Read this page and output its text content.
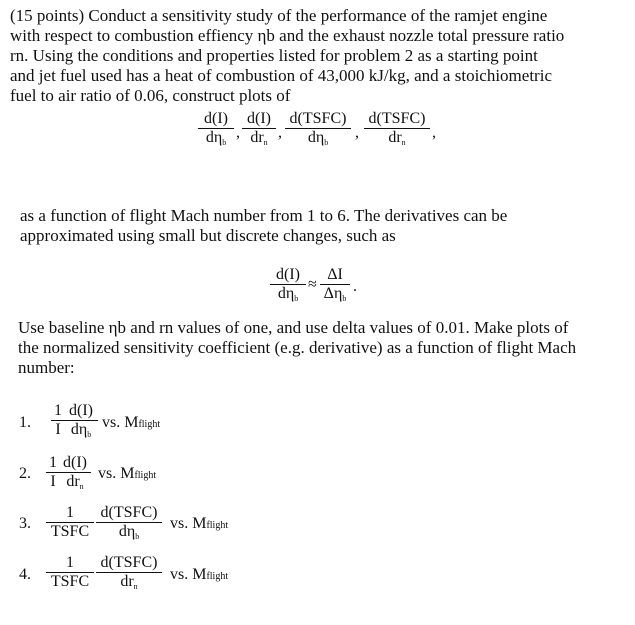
(15 points) Conduct a sensitivity study of the performance of the ramjet engine
with respect to combustion effiency ηb and the exhaust nozzle total pressure ratio
rn. Using the conditions and properties listed for problem 2 as a starting point
and jet fuel used has a heat of combustion of 43,000 kJ/kg, and a stoichiometric
fuel to air ratio of 0.06, construct plots of
d(I)
$d\eta_b$
,
d(I)
$dr_n$
,
d(TSFC)
$d\eta_b$
,
d(TSFC)
$dr_n$
,
as a function of flight Mach number from 1 to 6. The derivatives can be
approximated using small but discrete changes, such as
d(I)
$d\eta_b$
≈
ΔI
$\Delta\eta_b$
.
Use baseline ηb and rn values of one, and use delta values of 0.01. Make plots of
the normalized sensitivity coefficient (e.g. derivative) as a function of flight Mach
number:
1. $\frac{1}{I} d(I)$
$d\eta_b$
vs. Mflight
2. $\frac{1}{I} d(I)$
$dr_n$
vs. Mflight
3.
1
TSFC
d(TSFC)
$d\eta_b$
vs. Mflight
4.
1
TSFC
d(TSFC)
$dr_n$
vs. Mflight
